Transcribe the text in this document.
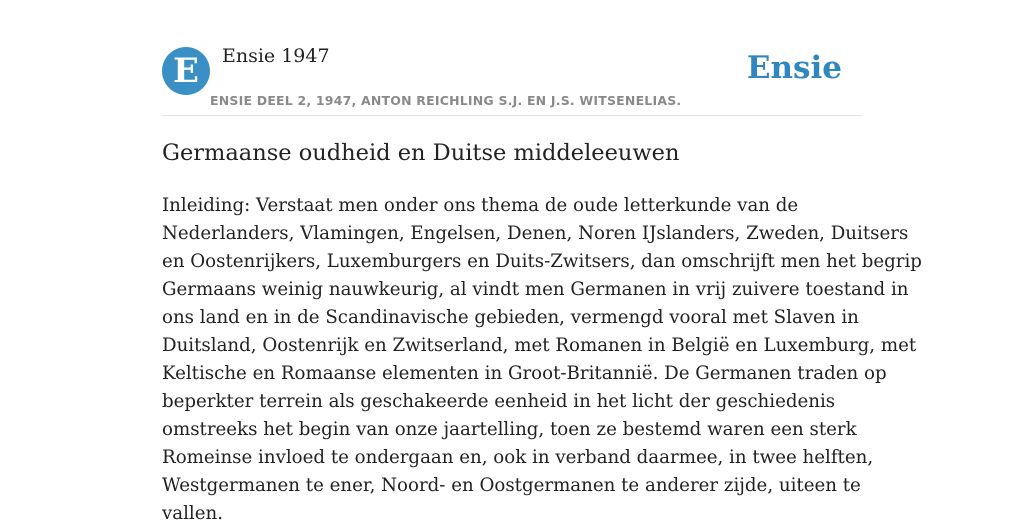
E	Ensie 1947
ENSIE DEEL 2, 1947, ANTON REICHLING S.J. EN J.S. WITSENELIAS.
Ensie
Germaanse oudheid en Duitse middeleeuwen

Inleiding: Verstaat men onder ons thema de oude letterkunde van de
Nederlanders, Vlamingen, Engelsen, Denen, Noren IJslanders, Zweden, Duitsers
en Oostenrijkers, Luxemburgers en Duits-Zwitsers, dan omschrijft men het begrip
Germaans weinig nauwkeurig, al vindt men Germanen in vrij zuivere toestand in
ons land en in de Scandinavische gebieden, vermengd vooral met Slaven in
Duitsland, Oostenrijk en Zwitserland, met Romanen in België en Luxemburg, met
Keltische en Romaanse elementen in Groot-Britannië. De Germanen traden op
beperkter terrein als geschakeerde eenheid in het licht der geschiedenis
omstreeks het begin van onze jaartelling, toen ze bestemd waren een sterk
Romeinse invloed te ondergaan en, ook in verband daarmee, in twee helften,
Westgermanen te ener, Noord- en Oostgermanen te anderer zijde, uiteen te
vallen.
